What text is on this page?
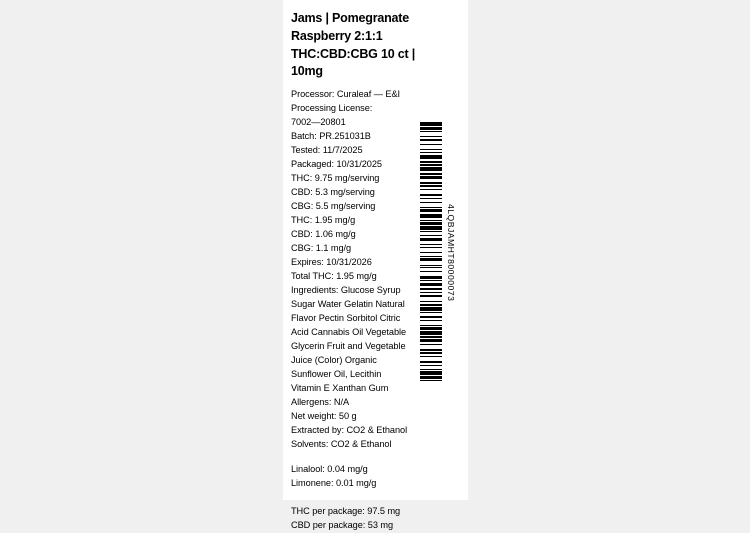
Jams | Pomegranate
Raspberry 2:1:1
THC:CBD:CBG 10 ct | 10mg
Processor: Curaleaf — E&I
Processing License:
7002—20801
Batch: PR.251031B
Tested: 11/7/2025
Packaged: 10/31/2025
THC: 9.75 mg/serving
CBD: 5.3 mg/serving
CBG: 5.5 mg/serving
THC: 1.95 mg/g
CBD: 1.06 mg/g
CBG: 1.1 mg/g
Expires: 10/31/2026
Total THC: 1.95 mg/g
Ingredients: Glucose Syrup
Sugar Water Gelatin Natural
Flavor Pectin Sorbitol Citric
Acid Cannabis Oil Vegetable
Glycerin Fruit and Vegetable
Juice (Color) Organic
Sunflower Oil, Lecithin
Vitamin E Xanthan Gum
Allergens: N/A
Net weight: 50 g
Extracted by: CO2 & Ethanol
Solvents: CO2 & Ethanol
Linalool: 0.04 mg/g
Limonene: 0.01 mg/g
THC per package: 97.5 mg
CBD per package: 53 mg
4LQBJAMHT80000073
